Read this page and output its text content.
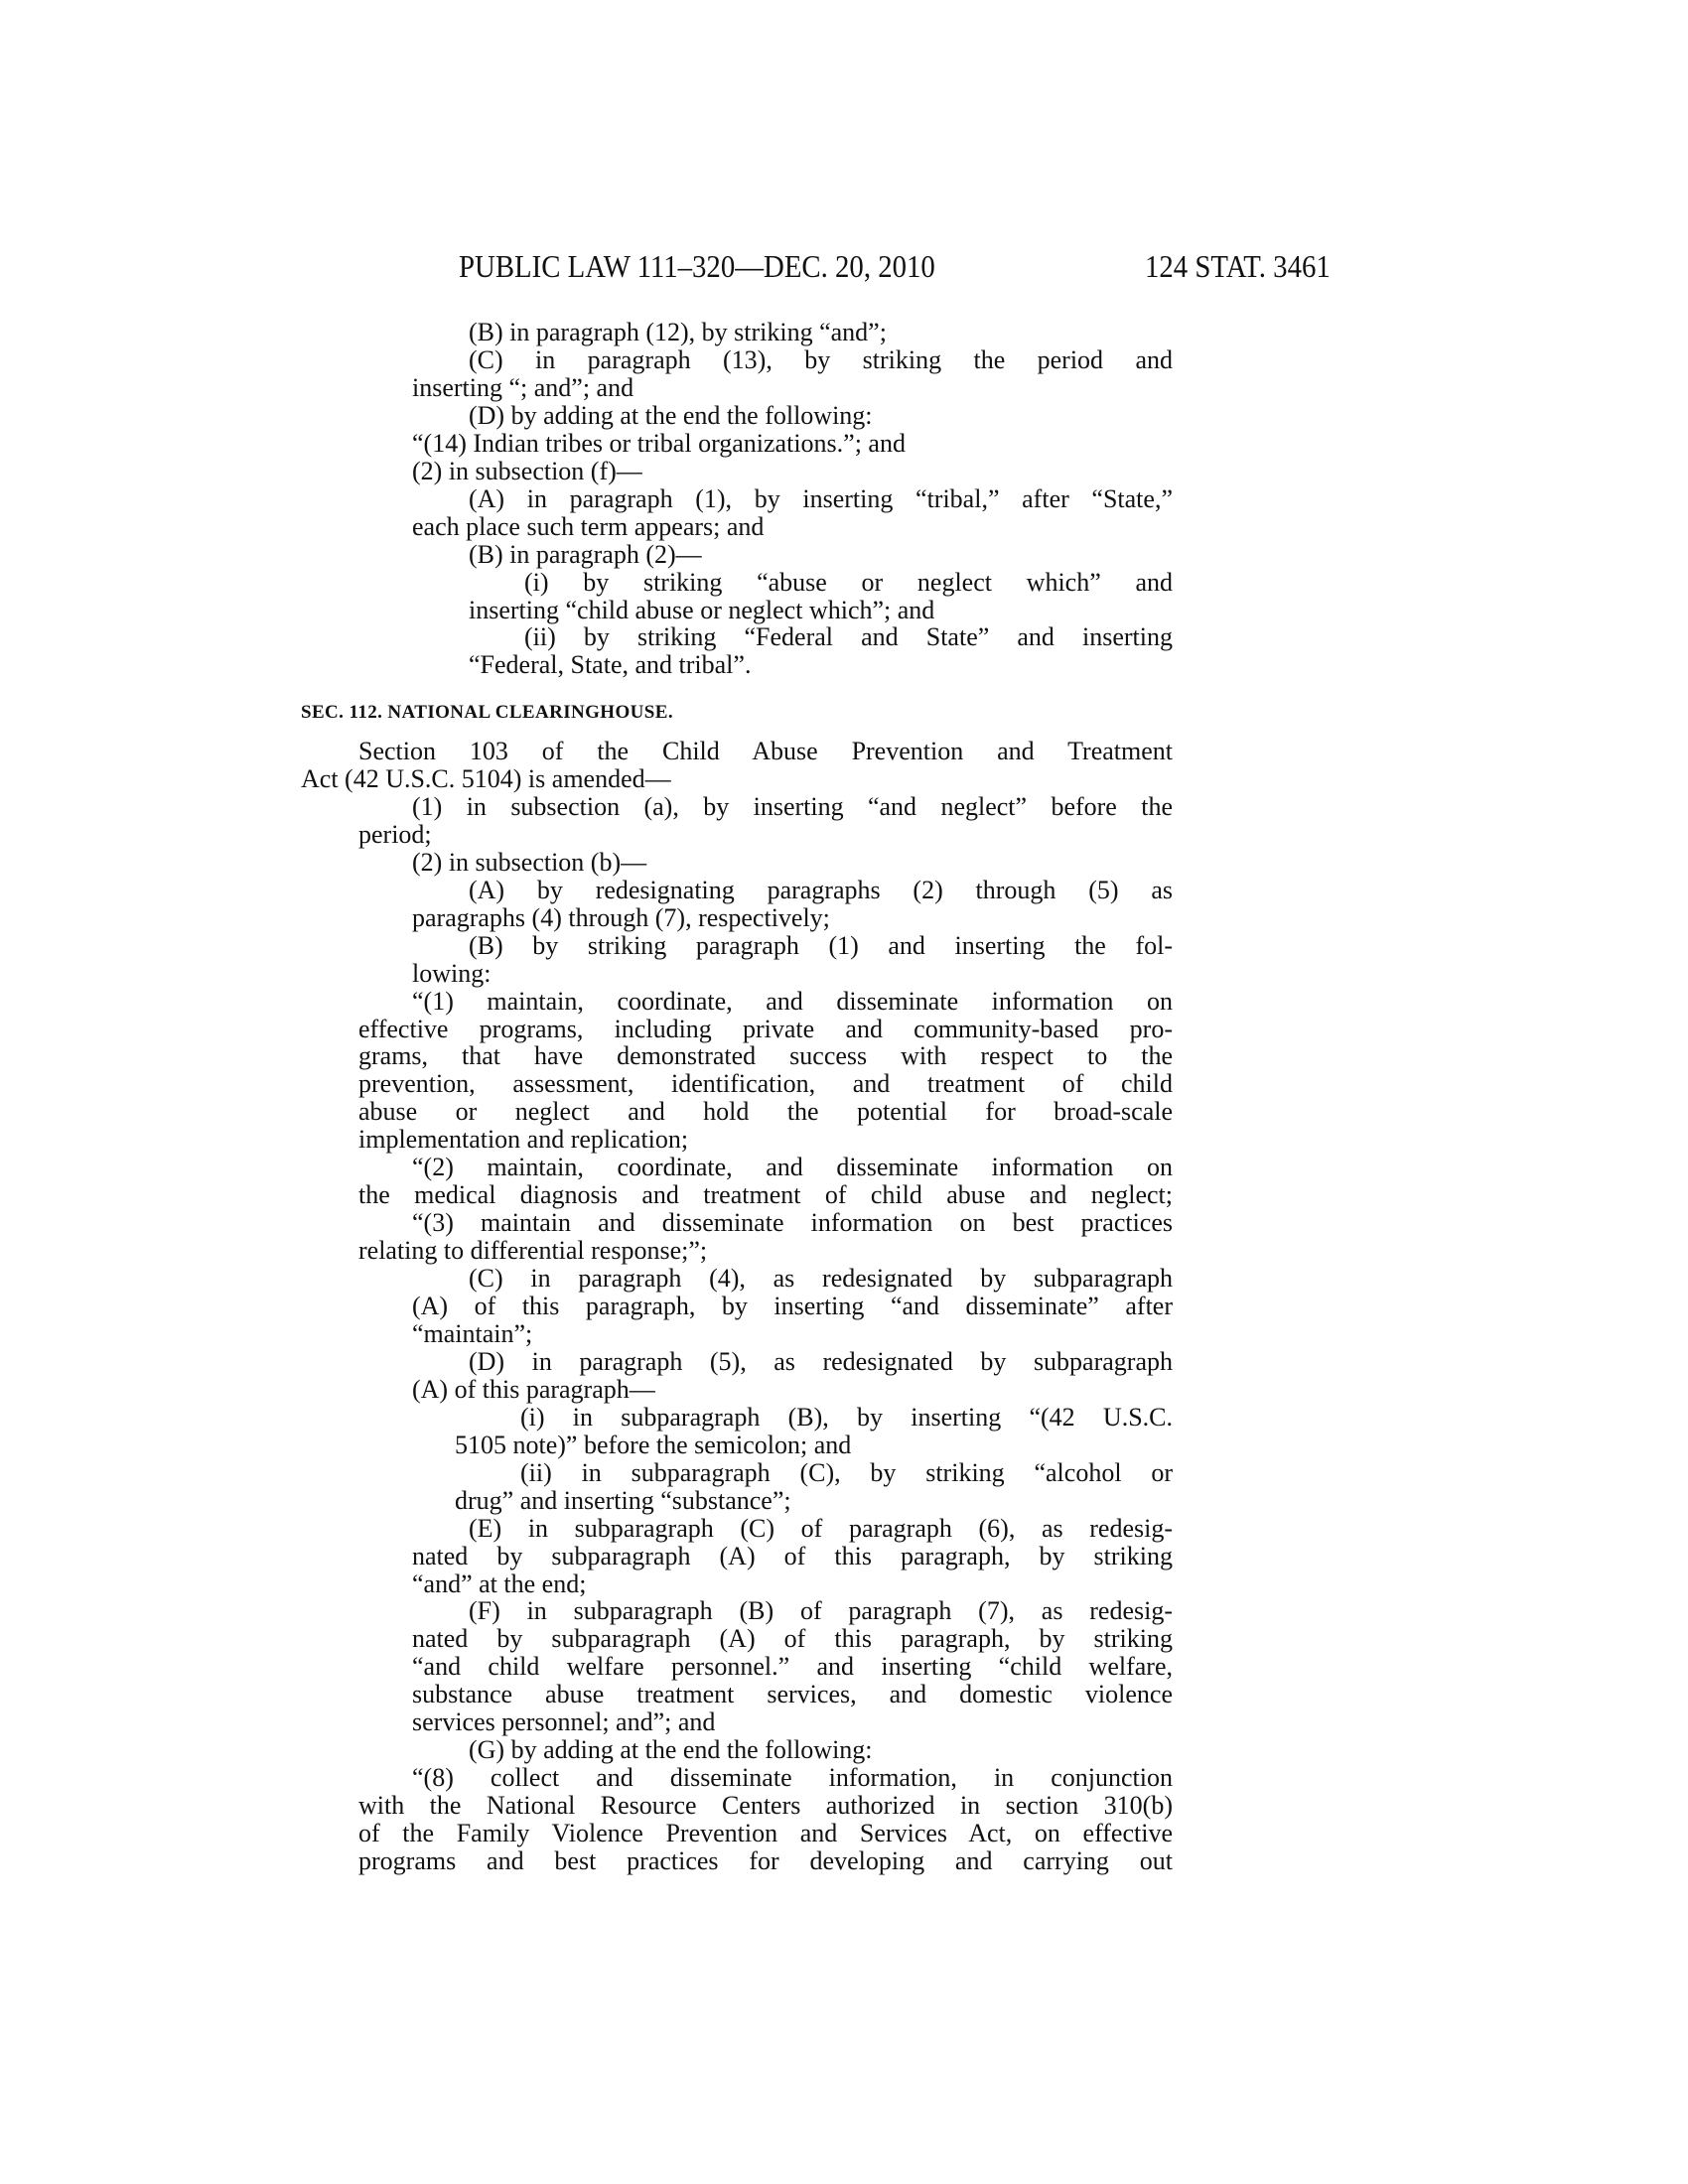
PUBLIC LAW 111–320—DEC. 20, 2010	124 STAT. 3461
(B) in paragraph (12), by striking “and”;
(C) in paragraph (13), by striking the period and
inserting “; and”; and
(D) by adding at the end the following:
“(14) Indian tribes or tribal organizations.”; and
(2) in subsection (f)—
(A) in paragraph (1), by inserting “tribal,” after “State,”
each place such term appears; and
(B) in paragraph (2)—
(i) by striking “abuse or neglect which” and
inserting “child abuse or neglect which”; and
(ii) by striking “Federal and State” and inserting
“Federal, State, and tribal”.
SEC. 112. NATIONAL CLEARINGHOUSE.
Section 103 of the Child Abuse Prevention and Treatment
Act (42 U.S.C. 5104) is amended—
(1) in subsection (a), by inserting “and neglect” before the
period;
(2) in subsection (b)—
(A) by redesignating paragraphs (2) through (5) as
paragraphs (4) through (7), respectively;
(B) by striking paragraph (1) and inserting the fol-
lowing:
“(1) maintain, coordinate, and disseminate information on
effective programs, including private and community-based pro-
grams, that have demonstrated success with respect to the
prevention, assessment, identification, and treatment of child
abuse or neglect and hold the potential for broad-scale
implementation and replication;
“(2) maintain, coordinate, and disseminate information on
the medical diagnosis and treatment of child abuse and neglect;
“(3) maintain and disseminate information on best practices
relating to differential response;”;
(C) in paragraph (4), as redesignated by subparagraph
(A) of this paragraph, by inserting “and disseminate” after
“maintain”;
(D) in paragraph (5), as redesignated by subparagraph
(A) of this paragraph—
(i) in subparagraph (B), by inserting “(42 U.S.C.
5105 note)” before the semicolon; and
(ii) in subparagraph (C), by striking “alcohol or
drug” and inserting “substance”;
(E) in subparagraph (C) of paragraph (6), as redesig-
nated by subparagraph (A) of this paragraph, by striking
“and” at the end;
(F) in subparagraph (B) of paragraph (7), as redesig-
nated by subparagraph (A) of this paragraph, by striking
“and child welfare personnel.” and inserting “child welfare,
substance abuse treatment services, and domestic violence
services personnel; and”; and
(G) by adding at the end the following:
“(8) collect and disseminate information, in conjunction
with the National Resource Centers authorized in section 310(b)
of the Family Violence Prevention and Services Act, on effective
programs and best practices for developing and carrying out
